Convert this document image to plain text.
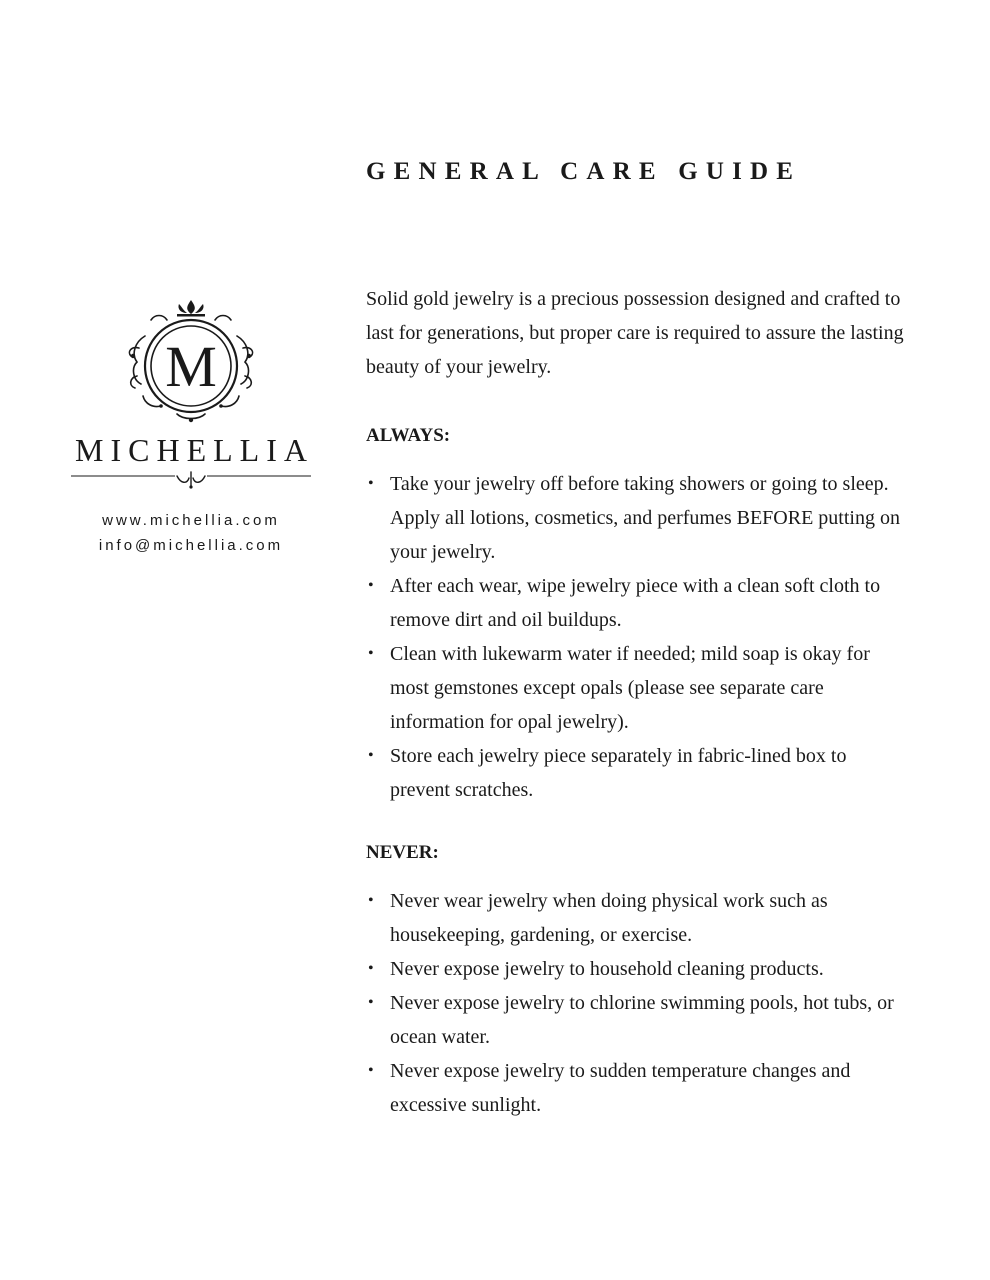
M
MICHELLIA
www.michellia.com
info@michellia.com
GENERAL CARE GUIDE

Solid gold jewelry is a precious possession designed and crafted to last for generations, but proper care is required to assure the lasting beauty of your jewelry.

ALWAYS:
• Take your jewelry off before taking showers or going to sleep. Apply all lotions, cosmetics, and perfumes BEFORE putting on your jewelry.
• After each wear, wipe jewelry piece with a clean soft cloth to remove dirt and oil buildups.
• Clean with lukewarm water if needed; mild soap is okay for most gemstones except opals (please see separate care information for opal jewelry).
• Store each jewelry piece separately in fabric-lined box to prevent scratches.
NEVER:
• Never wear jewelry when doing physical work such as housekeeping, gardening, or exercise.
• Never expose jewelry to household cleaning products.
• Never expose jewelry to chlorine swimming pools, hot tubs, or ocean water.
• Never expose jewelry to sudden temperature changes and excessive sunlight.
